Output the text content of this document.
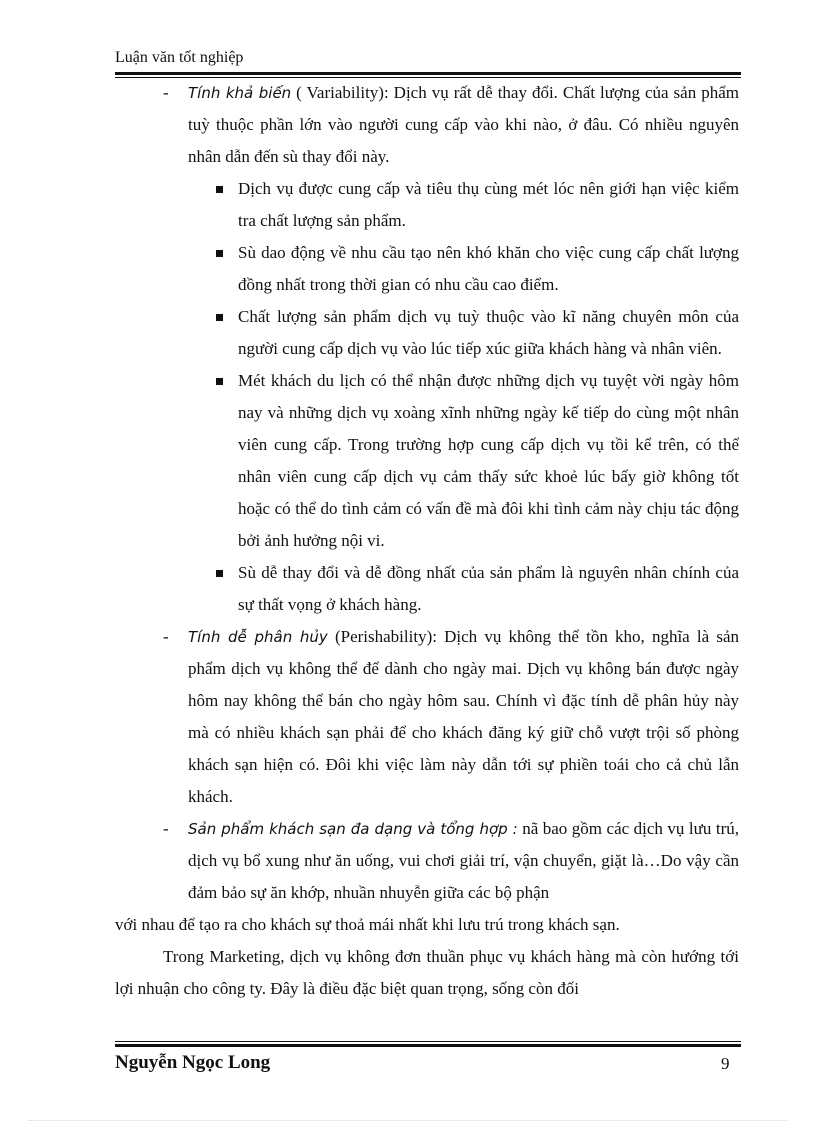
Luận văn tốt nghiệp

- Tính khả biến ( Variability): Dịch vụ rất dễ thay đổi. Chất lượng của sản phẩm tuỳ thuộc phần lớn vào người cung cấp vào khi nào, ở đâu. Có nhiều nguyên nhân dẫn đến sù thay đổi này.

Dịch vụ được cung cấp và tiêu thụ cùng mét lóc nên giới hạn việc kiểm tra chất lượng sản phẩm.

Sù dao động về nhu cầu tạo nên khó khăn cho việc cung cấp chất lượng đồng nhất trong thời gian có nhu cầu cao điểm.

Chất lượng sản phẩm dịch vụ tuỳ thuộc vào kĩ năng chuyên môn của người cung cấp dịch vụ vào lúc tiếp xúc giữa khách hàng và nhân viên.

Mét khách du lịch có thể nhận được những dịch vụ tuyệt vời ngày hôm nay và những dịch vụ xoàng xĩnh những ngày kế tiếp do cùng một nhân viên cung cấp. Trong trường hợp cung cấp dịch vụ tồi kể trên, có thể nhân viên cung cấp dịch vụ cảm thấy sức khoẻ lúc bấy giờ không tốt hoặc có thể do tình cảm có vấn đề mà đôi khi tình cảm này chịu tác động bởi ảnh hưởng nội vi.

Sù dễ thay đổi và dễ đồng nhất của sản phẩm là nguyên nhân chính của sự thất vọng ở khách hàng.

- Tính dễ phân hủy (Perishability): Dịch vụ không thể tồn kho, nghĩa là sản phẩm dịch vụ không thể để dành cho ngày mai. Dịch vụ không bán được ngày hôm nay không thể bán cho ngày hôm sau. Chính vì đặc tính dễ phân hủy này mà có nhiều khách sạn phải để cho khách đăng ký giữ chỗ vượt trội số phòng khách sạn hiện có. Đôi khi việc làm này dẫn tới sự phiền toái cho cả chủ lẫn khách.

- Sản phẩm khách sạn đa dạng và tổng hợp : nã bao gồm các dịch vụ lưu trú, dịch vụ bổ xung như ăn uống, vui chơi giải trí, vận chuyển, giặt là…Do vậy cần đảm bảo sự ăn khớp, nhuần nhuyễn giữa các bộ phận

với nhau để tạo ra cho khách sự thoả mái nhất khi lưu trú trong khách sạn.

Trong Marketing, dịch vụ không đơn thuần phục vụ khách hàng mà còn hướng tới lợi nhuận cho công ty. Đây là điều đặc biệt quan trọng, sống còn đối

Nguyễn Ngọc Long	9
